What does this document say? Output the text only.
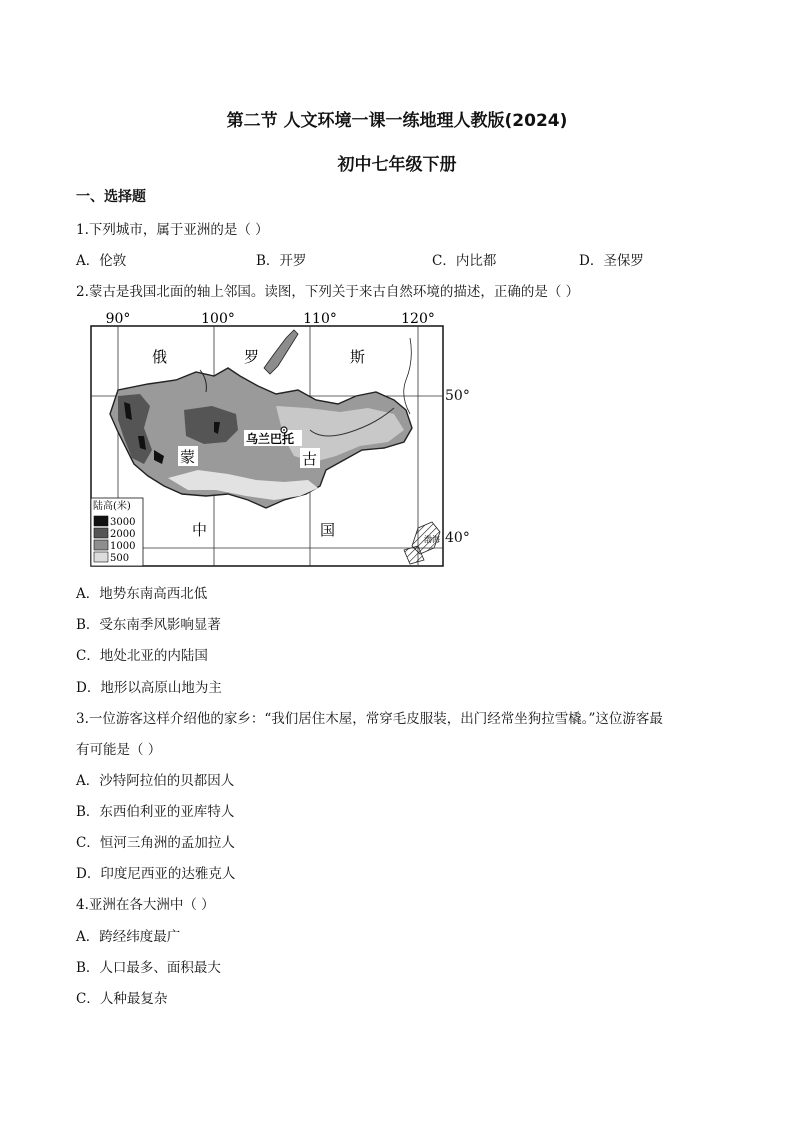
第二节 人文环境一课一练地理人教版(2024)
初中七年级下册
一、选择题
1.下列城市，属于亚洲的是（ ）
A．伦敦	B．开罗	C．内比都	D．圣保罗
2.蒙古是我国北面的轴上邻国。读图，下列关于来古自然环境的描述，正确的是（ ）
90°	100°	110°	120°
俄	罗	斯
蒙	古
中	国
乌兰巴托
渤海
陆高(米)
3000
2000
1000
500
50°
40°
A．地势东南高西北低
B．受东南季风影响显著
C．地处北亚的内陆国
D．地形以高原山地为主
3.一位游客这样介绍他的家乡：“我们居住木屋，常穿毛皮服装，出门经常坐狗拉雪橇。”这位游客最
有可能是（ ）
A．沙特阿拉伯的贝都因人
B．东西伯利亚的亚库特人
C．恒河三角洲的孟加拉人
D．印度尼西亚的达雅克人
4.亚洲在各大洲中（ ）
A．跨经纬度最广
B．人口最多、面积最大
C．人种最复杂
